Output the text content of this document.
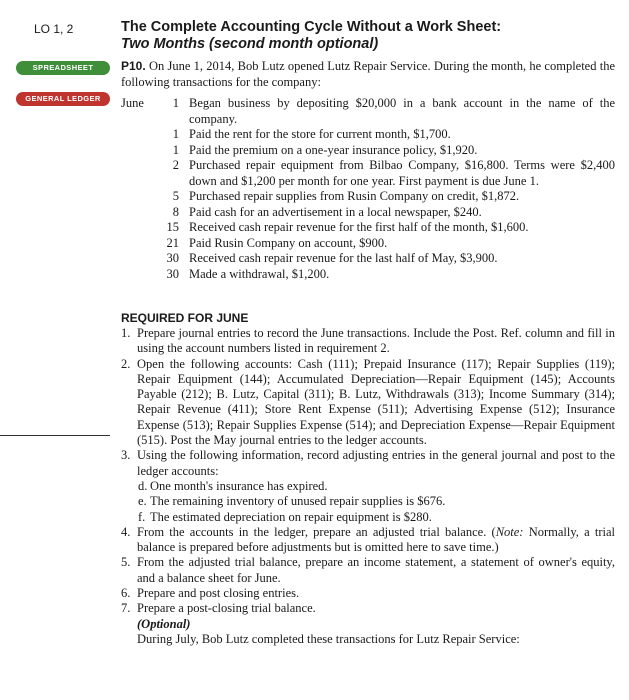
LO 1, 2	The Complete Accounting Cycle Without a Work Sheet:
Two Months (second month optional)
SPREADSHEET
GENERAL LEDGER
P10. On June 1, 2014, Bob Lutz opened Lutz Repair Service. During the month, he completed the following transactions for the company:
June	1 Began business by depositing $20,000 in a bank account in the name of the company.
1 Paid the rent for the store for current month, $1,700.
1 Paid the premium on a one-year insurance policy, $1,920.
2 Purchased repair equipment from Bilbao Company, $16,800. Terms were $2,400 down and $1,200 per month for one year. First payment is due June 1.
5 Purchased repair supplies from Rusin Company on credit, $1,872.
8 Paid cash for an advertisement in a local newspaper, $240.
15 Received cash repair revenue for the first half of the month, $1,600.
21 Paid Rusin Company on account, $900.
30 Received cash repair revenue for the last half of May, $3,900.
30 Made a withdrawal, $1,200.
REQUIRED FOR JUNE
1. Prepare journal entries to record the June transactions. Include the Post. Ref. column and fill in using the account numbers listed in requirement 2.
2. Open the following accounts: Cash (111); Prepaid Insurance (117); Repair Supplies (119); Repair Equipment (144); Accumulated Depreciation—Repair Equipment (145); Accounts Payable (212); B. Lutz, Capital (311); B. Lutz, Withdrawals (313); Income Summary (314); Repair Revenue (411); Store Rent Expense (511); Advertising Expense (512); Insurance Expense (513); Repair Supplies Expense (514); and Depreciation Expense—Repair Equipment (515). Post the May journal entries to the ledger accounts.
3. Using the following information, record adjusting entries in the general journal and post to the ledger accounts:
d. One month's insurance has expired.
e. The remaining inventory of unused repair supplies is $676.
f. The estimated depreciation on repair equipment is $280.
4. From the accounts in the ledger, prepare an adjusted trial balance. (Note: Normally, a trial balance is prepared before adjustments but is omitted here to save time.)
5. From the adjusted trial balance, prepare an income statement, a statement of owner's equity, and a balance sheet for June.
6. Prepare and post closing entries.
7. Prepare a post-closing trial balance.
(Optional)
During July, Bob Lutz completed these transactions for Lutz Repair Service:
